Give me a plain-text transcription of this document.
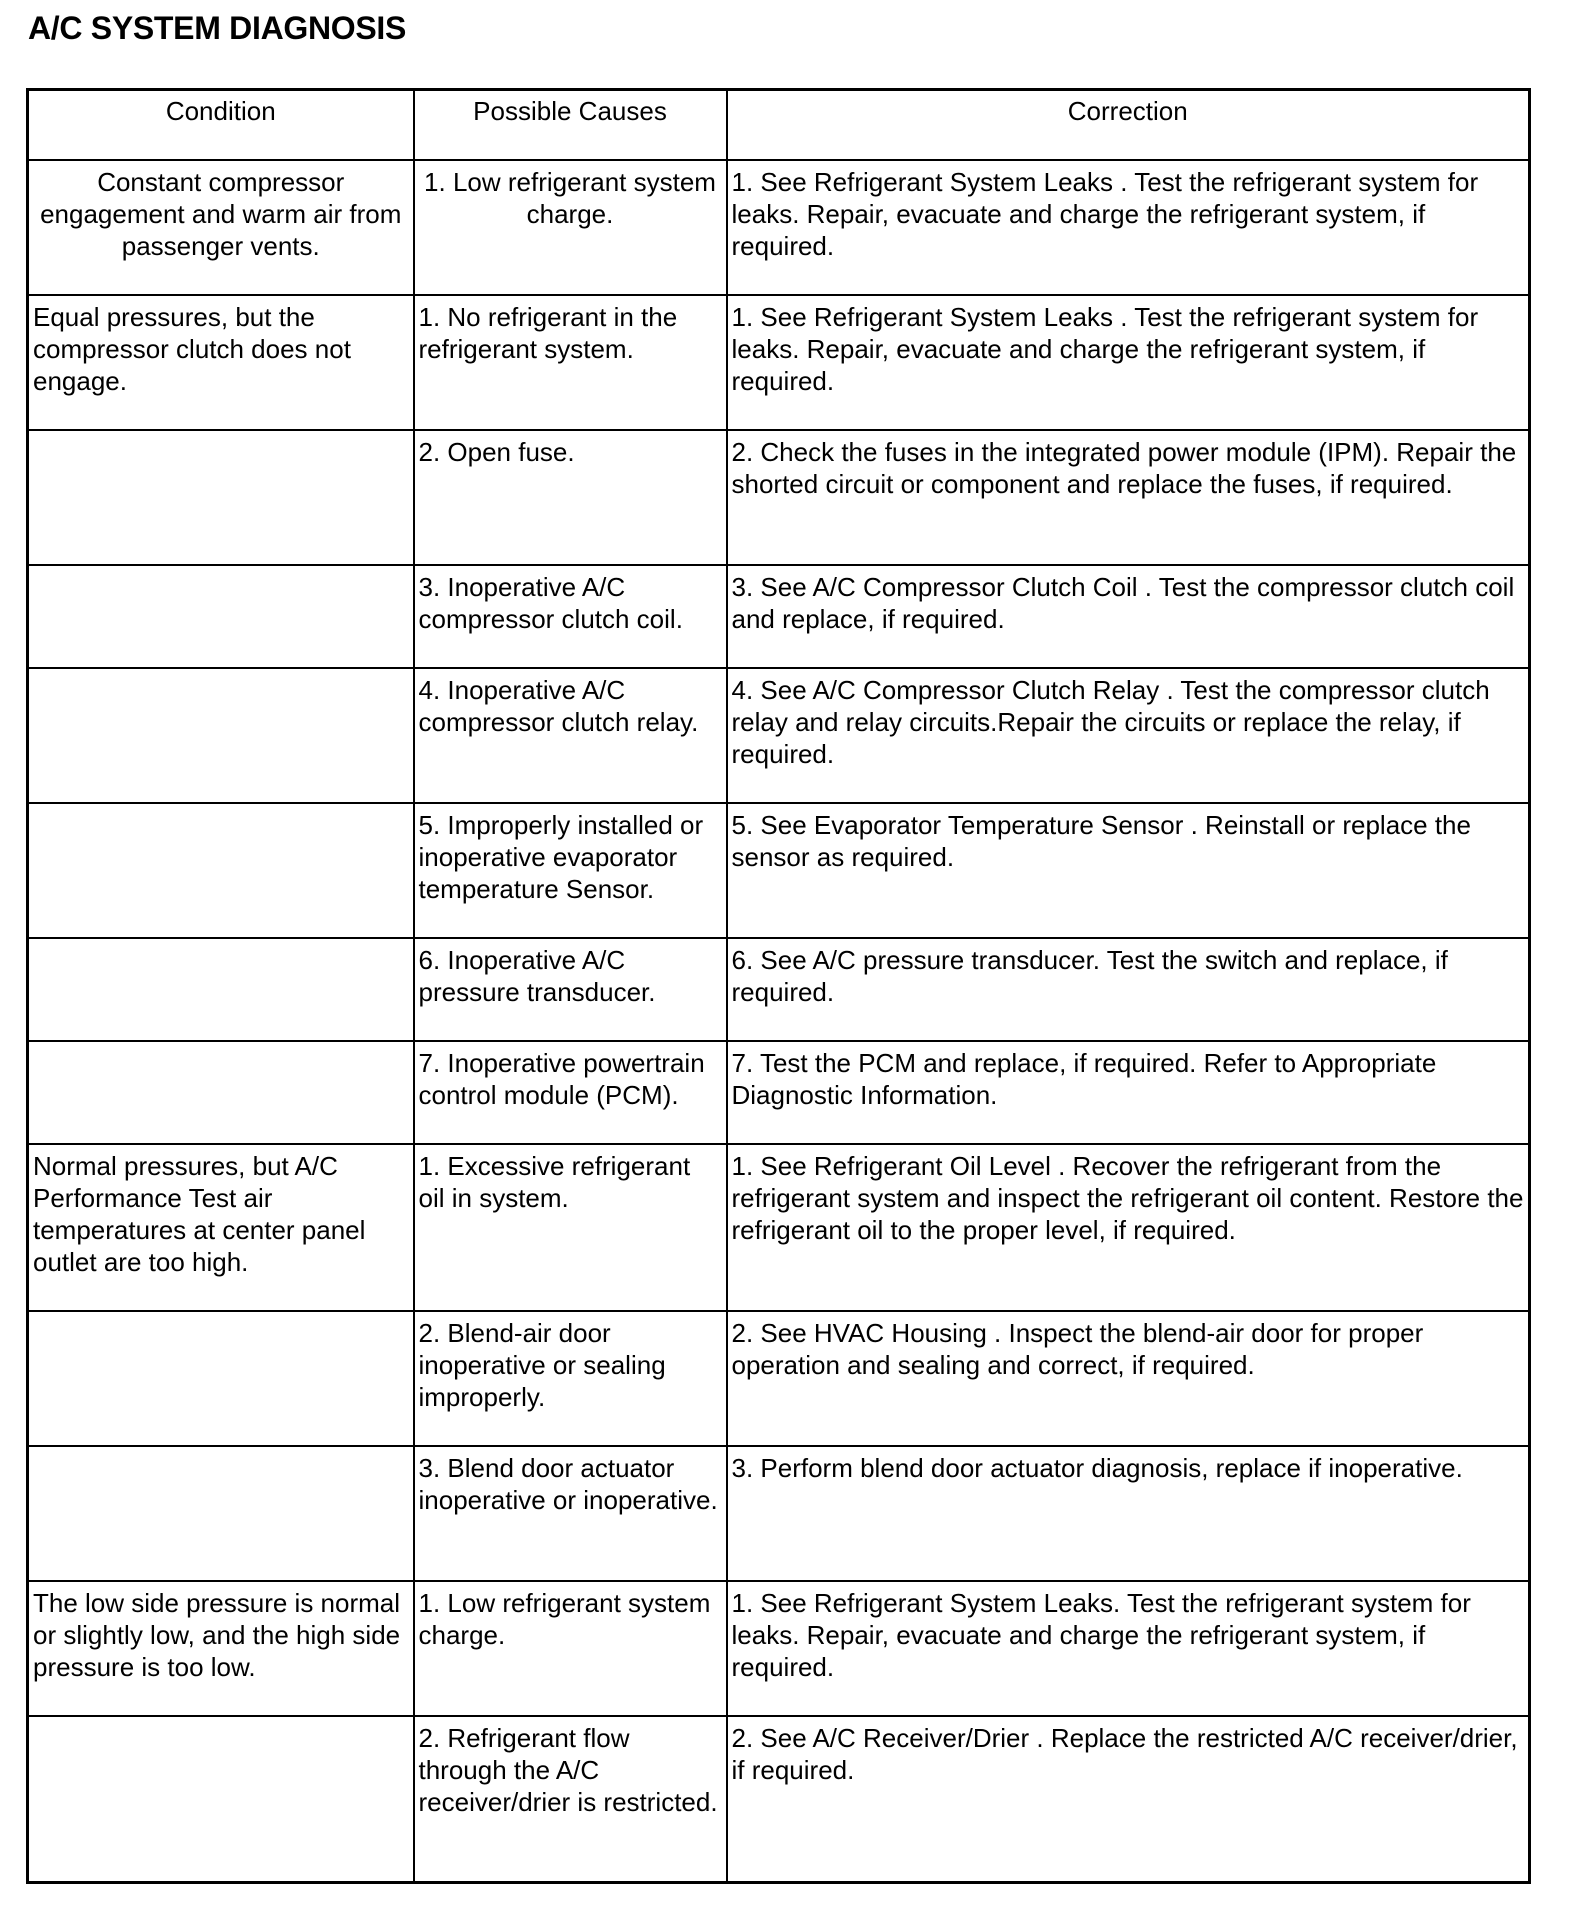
A/C SYSTEM DIAGNOSIS
Condition	Possible Causes	Correction
Constant compressor engagement and warm air from passenger vents.	1. Low refrigerant system charge.	1. See Refrigerant System Leaks . Test the refrigerant system for leaks. Repair, evacuate and charge the refrigerant system, if required.
Equal pressures, but the compressor clutch does not engage.	1. No refrigerant in the refrigerant system.	1. See Refrigerant System Leaks . Test the refrigerant system for leaks. Repair, evacuate and charge the refrigerant system, if required.
	2. Open fuse.	2. Check the fuses in the integrated power module (IPM). Repair the shorted circuit or component and replace the fuses, if required.
	3. Inoperative A/C compressor clutch coil.	3. See A/C Compressor Clutch Coil . Test the compressor clutch coil and replace, if required.
	4. Inoperative A/C compressor clutch relay.	4. See A/C Compressor Clutch Relay . Test the compressor clutch relay and relay circuits.Repair the circuits or replace the relay, if required.
	5. Improperly installed or inoperative evaporator temperature Sensor.	5. See Evaporator Temperature Sensor . Reinstall or replace the sensor as required.
	6. Inoperative A/C pressure transducer.	6. See A/C pressure transducer. Test the switch and replace, if required.
	7. Inoperative powertrain control module (PCM).	7. Test the PCM and replace, if required. Refer to Appropriate Diagnostic Information.
Normal pressures, but A/C Performance Test air temperatures at center panel outlet are too high.	1. Excessive refrigerant oil in system.	1. See Refrigerant Oil Level . Recover the refrigerant from the refrigerant system and inspect the refrigerant oil content. Restore the refrigerant oil to the proper level, if required.
	2. Blend-air door inoperative or sealing improperly.	2. See HVAC Housing . Inspect the blend-air door for proper operation and sealing and correct, if required.
	3. Blend door actuator inoperative or inoperative.	3. Perform blend door actuator diagnosis, replace if inoperative.
The low side pressure is normal or slightly low, and the high side pressure is too low.	1. Low refrigerant system charge.	1. See Refrigerant System Leaks. Test the refrigerant system for leaks. Repair, evacuate and charge the refrigerant system, if required.
	2. Refrigerant flow through the A/C receiver/drier is restricted.	2. See A/C Receiver/Drier . Replace the restricted A/C receiver/drier, if required.
